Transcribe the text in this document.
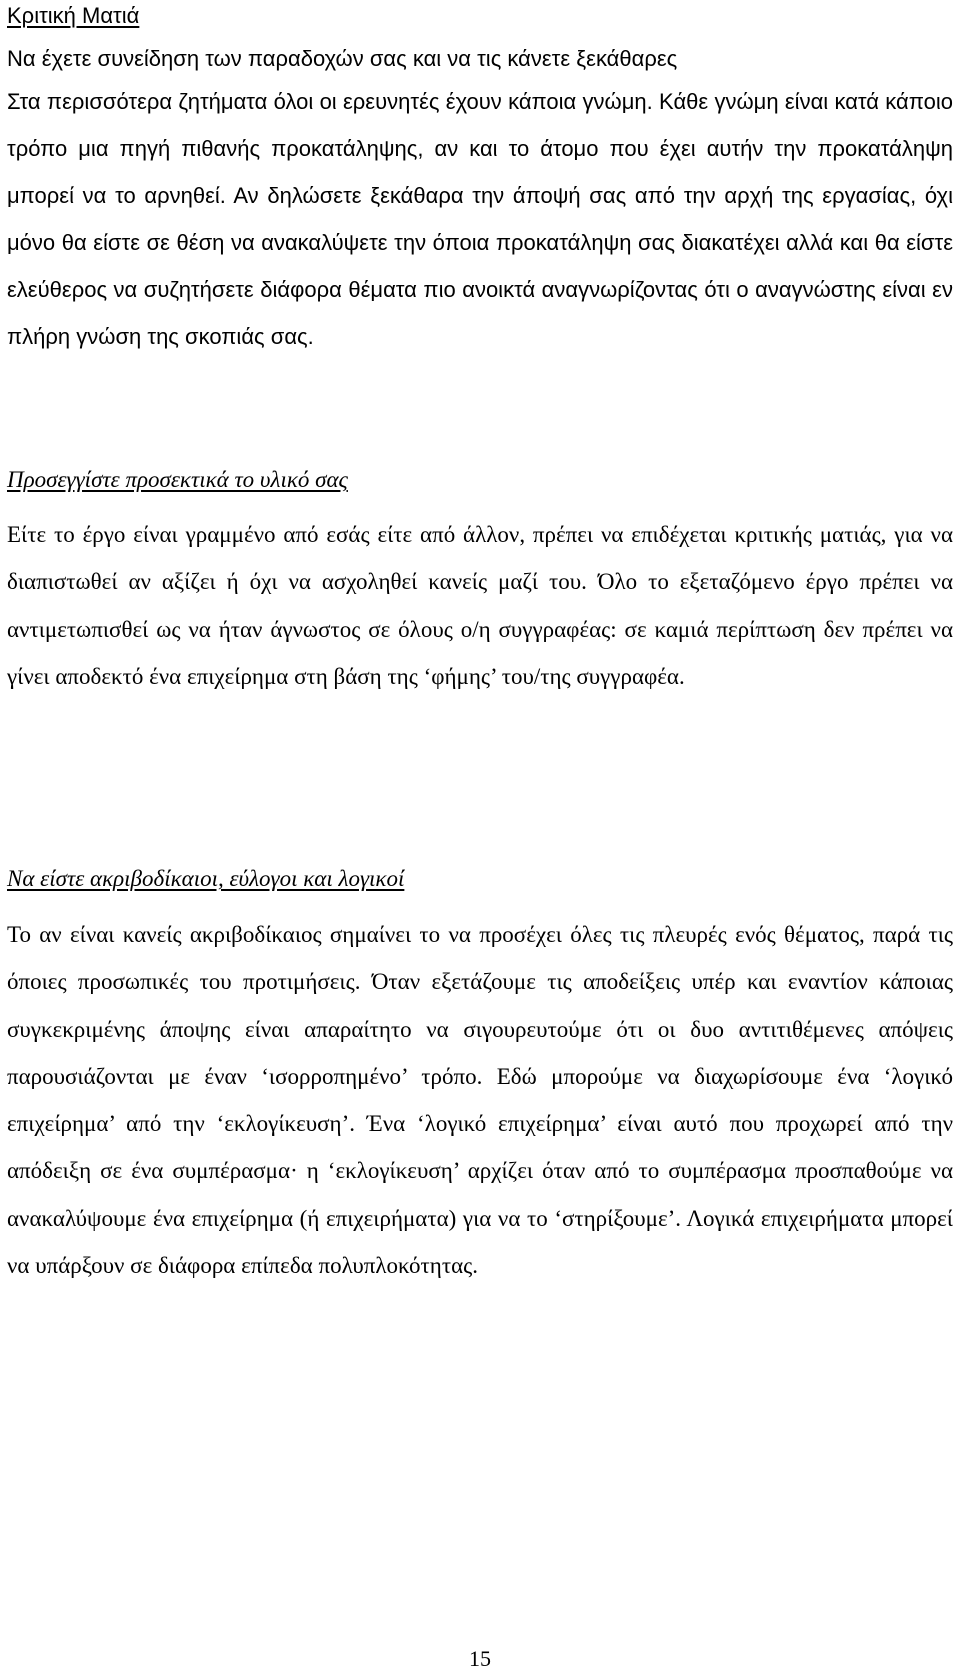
Κριτική Ματιά

Να έχετε συνείδηση των παραδοχών σας και να τις κάνετε ξεκάθαρες

Στα περισσότερα ζητήματα όλοι οι ερευνητές έχουν κάποια γνώμη. Κάθε γνώμη είναι κατά κάποιο τρόπο μια πηγή πιθανής προκατάληψης, αν και το άτομο που έχει αυτήν την προκατάληψη μπορεί να το αρνηθεί. Αν δηλώσετε ξεκάθαρα την άποψή σας από την αρχή της εργασίας, όχι μόνο θα είστε σε θέση να ανακαλύψετε την όποια προκατάληψη σας διακατέχει αλλά και θα είστε ελεύθερος να συζητήσετε διάφορα θέματα πιο ανοικτά αναγνωρίζοντας ότι ο αναγνώστης είναι εν πλήρη γνώση της σκοπιάς σας.

Προσεγγίστε προσεκτικά το υλικό σας

Είτε το έργο είναι γραμμένο από εσάς είτε από άλλον, πρέπει να επιδέχεται κριτικής ματιάς, για να διαπιστωθεί αν αξίζει ή όχι να ασχοληθεί κανείς μαζί του. Όλο το εξεταζόμενο έργο πρέπει να αντιμετωπισθεί ως να ήταν άγνωστος σε όλους ο/η συγγραφέας: σε καμιά περίπτωση δεν πρέπει να γίνει αποδεκτό ένα επιχείρημα στη βάση της ‘φήμης’ του/της συγγραφέα.

Να είστε ακριβοδίκαιοι, εύλογοι και λογικοί

Το αν είναι κανείς ακριβοδίκαιος σημαίνει το να προσέχει όλες τις πλευρές ενός θέματος, παρά τις όποιες προσωπικές του προτιμήσεις. Όταν εξετάζουμε τις αποδείξεις υπέρ και εναντίον κάποιας συγκεκριμένης άποψης είναι απαραίτητο να σιγουρευτούμε ότι οι δυο αντιτιθέμενες απόψεις παρουσιάζονται με έναν ‘ισορροπημένο’ τρόπο. Εδώ μπορούμε να διαχωρίσουμε ένα ‘λογικό επιχείρημα’ από την ‘εκλογίκευση’. Ένα ‘λογικό επιχείρημα’ είναι αυτό που προχωρεί από την απόδειξη σε ένα συμπέρασμα· η ‘εκλογίκευση’ αρχίζει όταν από το συμπέρασμα προσπαθούμε να ανακαλύψουμε ένα επιχείρημα (ή επιχειρήματα) για να το ‘στηρίξουμε’. Λογικά επιχειρήματα μπορεί να υπάρξουν σε διάφορα επίπεδα πολυπλοκότητας.

15
